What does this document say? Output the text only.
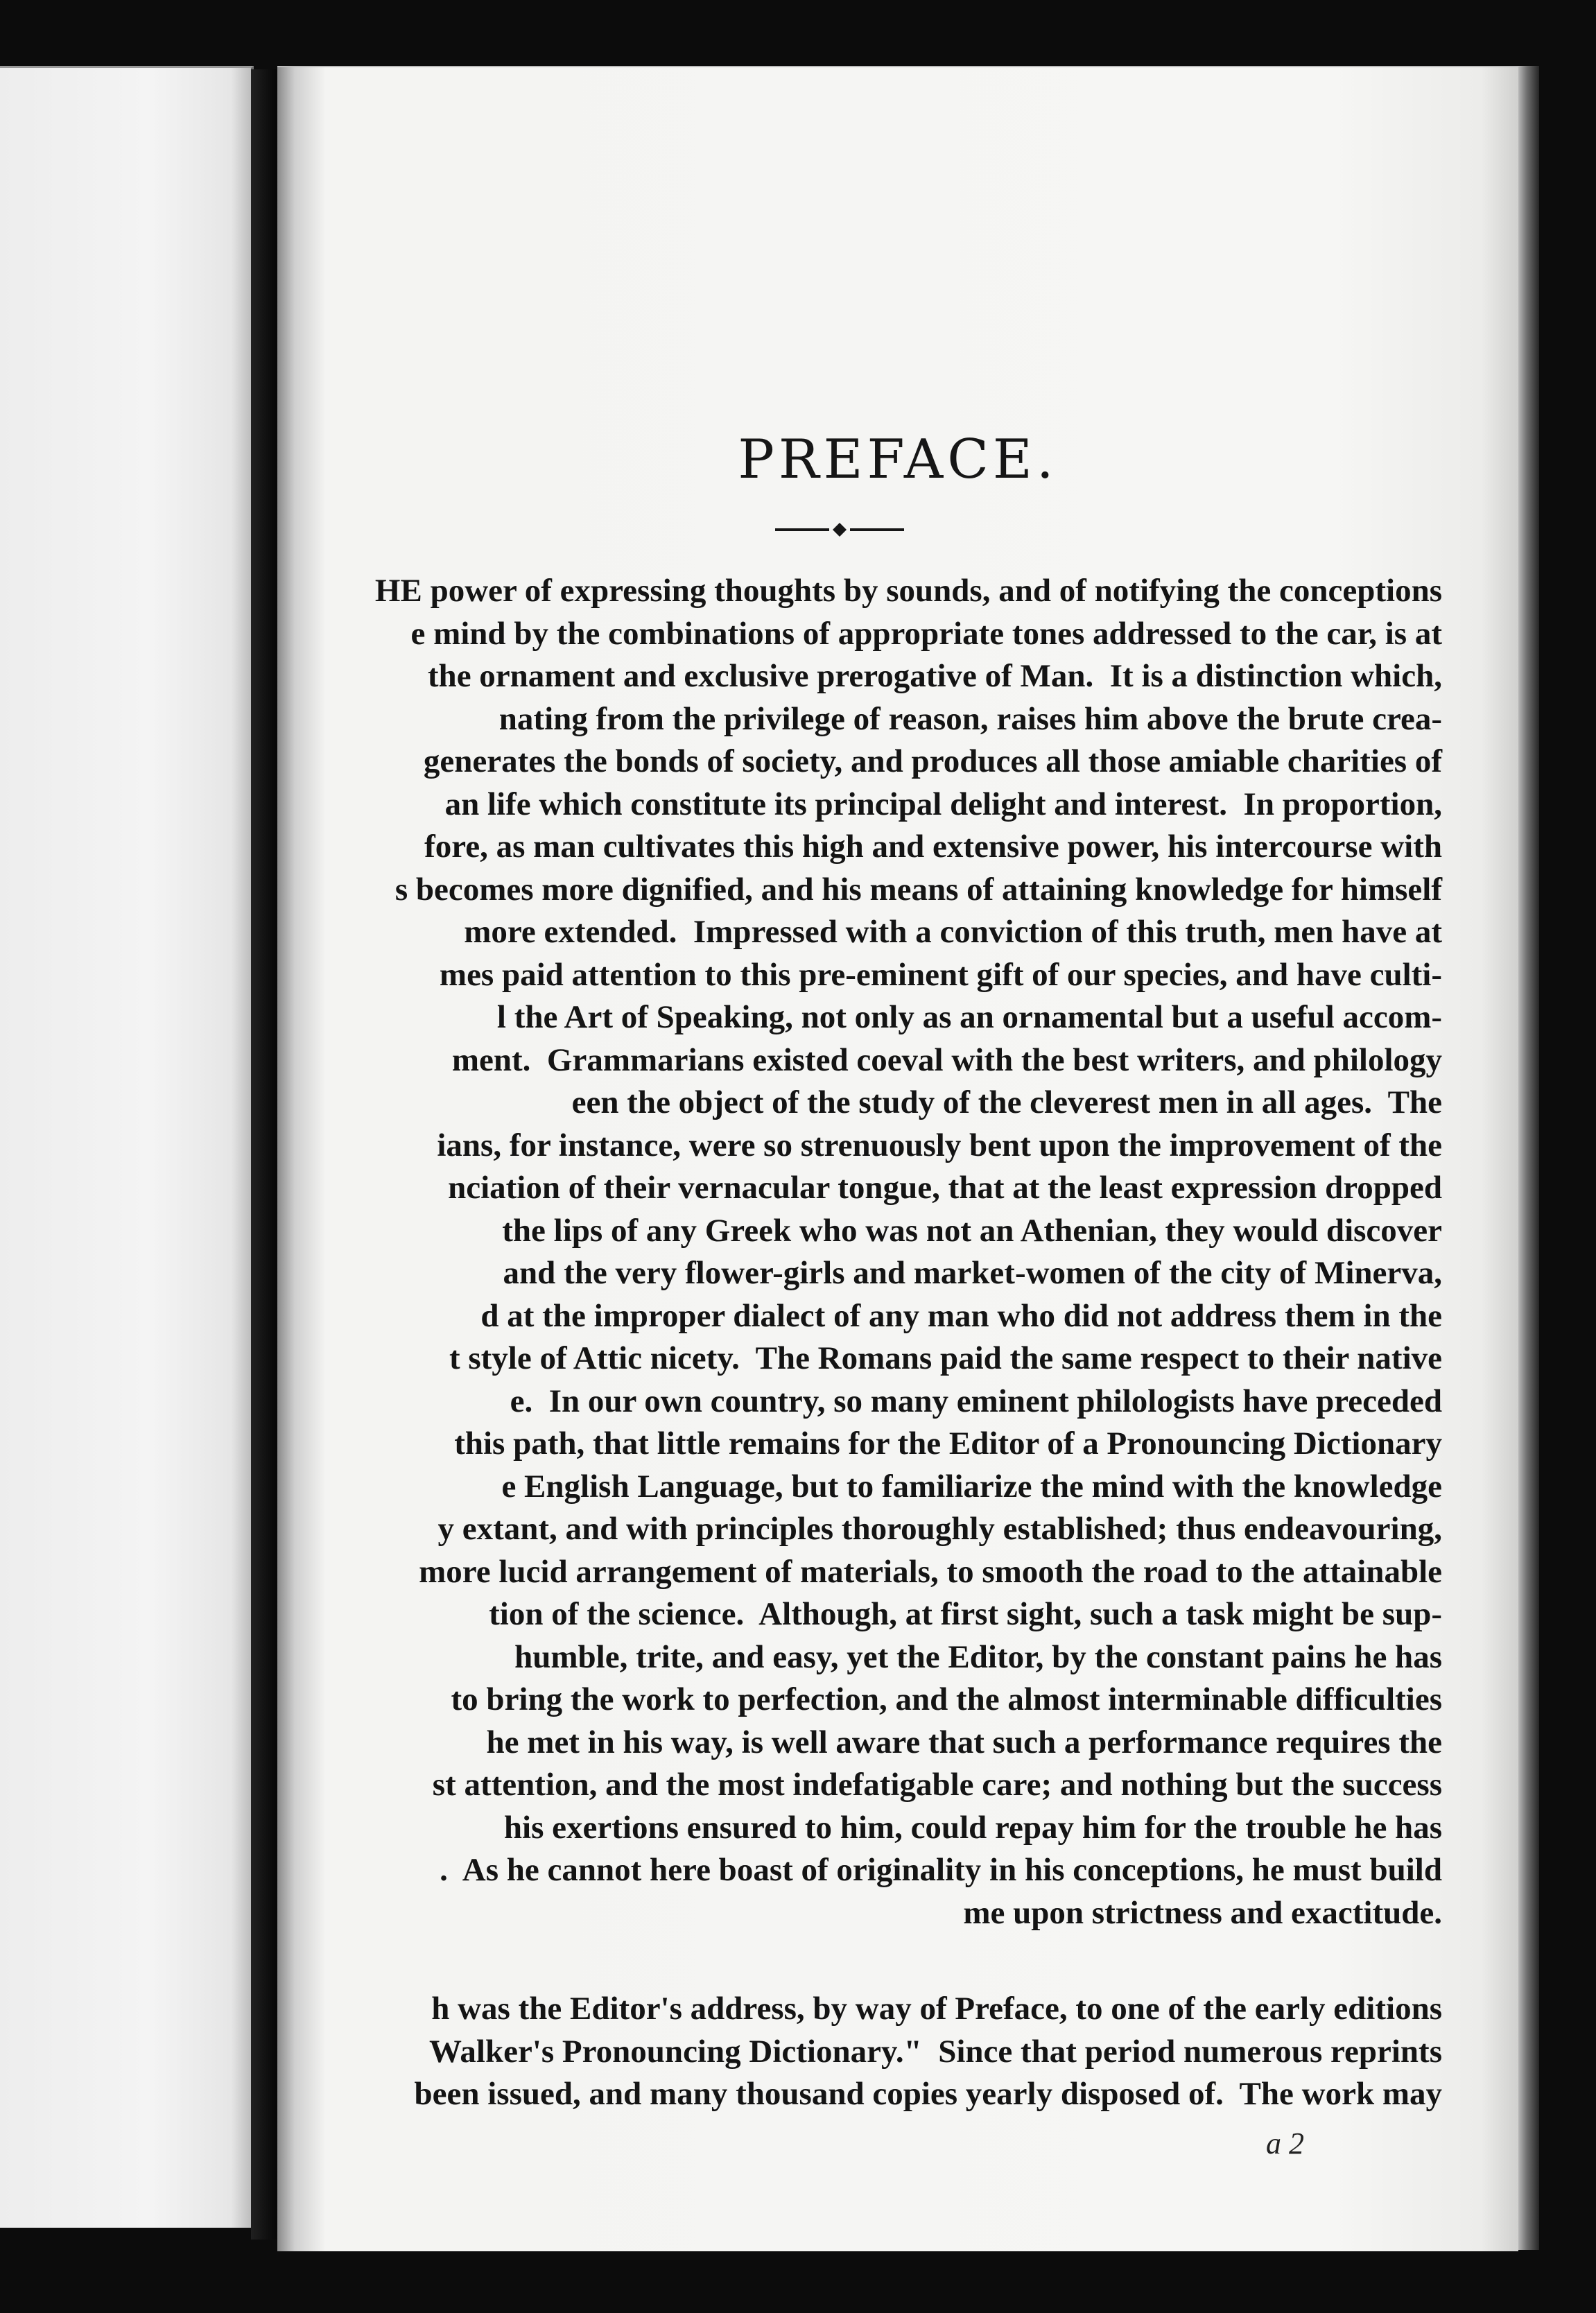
PREFACE.
HE power of expressing thoughts by sounds, and of notifying the conceptions
e mind by the combinations of appropriate tones addressed to the car, is at
the ornament and exclusive prerogative of Man.  It is a distinction which,
nating from the privilege of reason, raises him above the brute crea-
generates the bonds of society, and produces all those amiable charities of
an life which constitute its principal delight and interest.  In proportion,
fore, as man cultivates this high and extensive power, his intercourse with
s becomes more dignified, and his means of attaining knowledge for himself
more extended.  Impressed with a conviction of this truth, men have at
mes paid attention to this pre-eminent gift of our species, and have culti-
l the Art of Speaking, not only as an ornamental but a useful accom-
ment.  Grammarians existed coeval with the best writers, and philology
een the object of the study of the cleverest men in all ages.  The
ians, for instance, were so strenuously bent upon the improvement of the
nciation of their vernacular tongue, that at the least expression dropped
the lips of any Greek who was not an Athenian, they would discover
and the very flower-girls and market-women of the city of Minerva,
d at the improper dialect of any man who did not address them in the
t style of Attic nicety.  The Romans paid the same respect to their native
e.  In our own country, so many eminent philologists have preceded
this path, that little remains for the Editor of a Pronouncing Dictionary
e English Language, but to familiarize the mind with the knowledge
y extant, and with principles thoroughly established; thus endeavouring,
more lucid arrangement of materials, to smooth the road to the attainable
tion of the science.  Although, at first sight, such a task might be sup-
humble, trite, and easy, yet the Editor, by the constant pains he has
to bring the work to perfection, and the almost interminable difficulties
he met in his way, is well aware that such a performance requires the
st attention, and the most indefatigable care; and nothing but the success
his exertions ensured to him, could repay him for the trouble he has
.  As he cannot here boast of originality in his conceptions, he must build
me upon strictness and exactitude.
h was the Editor's address, by way of Preface, to one of the early editions
Walker's Pronouncing Dictionary."  Since that period numerous reprints
been issued, and many thousand copies yearly disposed of.  The work may
a 2
